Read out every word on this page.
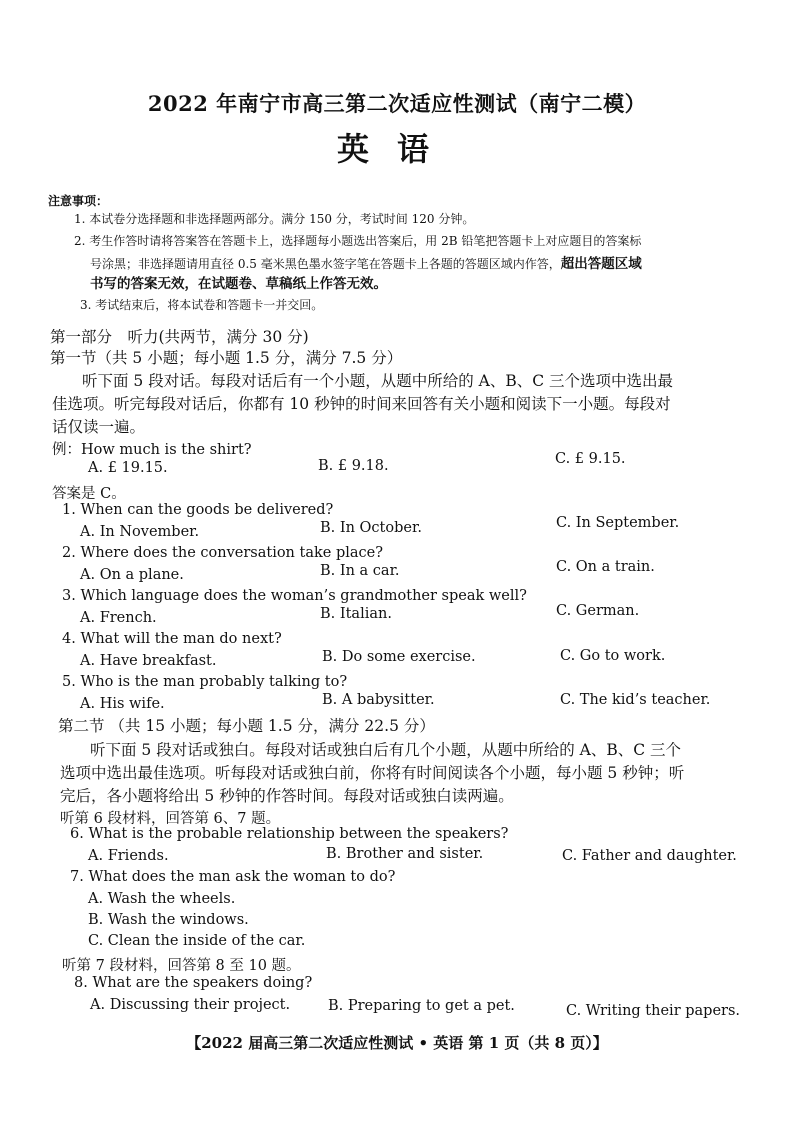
2022 年南宁市高三第二次适应性测试（南宁二模）
英语
注意事项：
1. 本试卷分选择题和非选择题两部分。满分 150 分，考试时间 120 分钟。
2. 考生作答时请将答案答在答题卡上，选择题每小题选出答案后，用 2B 铅笔把答题卡上对应题目的答案标
号涂黑；非选择题请用直径 0.5 毫米黑色墨水签字笔在答题卡上各题的答题区域内作答，超出答题区域
书写的答案无效，在试题卷、草稿纸上作答无效。
3. 考试结束后，将本试卷和答题卡一并交回。
第一部分　听力(共两节，满分 30 分)
第一节（共 5 小题；每小题 1.5 分，满分 7.5 分）
听下面 5 段对话。每段对话后有一个小题，从题中所给的 A、B、C 三个选项中选出最
佳选项。听完每段对话后，你都有 10 秒钟的时间来回答有关小题和阅读下一小题。每段对
话仅读一遍。
例：How much is the shirt?
A. £ 19.15.	B. £ 9.18.	C. £ 9.15.
答案是 C。
1. When can the goods be delivered?
A. In November.	B. In October.	C. In September.
2. Where does the conversation take place?
A. On a plane.	B. In a car.	C. On a train.
3. Which language does the woman’s grandmother speak well?
A. French.	B. Italian.	C. German.
4. What will the man do next?
A. Have breakfast.	B. Do some exercise.	C. Go to work.
5. Who is the man probably talking to?
A. His wife.	B. A babysitter.	C. The kid’s teacher.
第二节 （共 15 小题；每小题 1.5 分，满分 22.5 分）
听下面 5 段对话或独白。每段对话或独白后有几个小题，从题中所给的 A、B、C 三个
选项中选出最佳选项。听每段对话或独白前，你将有时间阅读各个小题，每小题 5 秒钟；听
完后，各小题将给出 5 秒钟的作答时间。每段对话或独白读两遍。
听第 6 段材料，回答第 6、7 题。
6. What is the probable relationship between the speakers?
A. Friends.	B. Brother and sister.	C. Father and daughter.
7. What does the man ask the woman to do?
A. Wash the wheels.
B. Wash the windows.
C. Clean the inside of the car.
听第 7 段材料，回答第 8 至 10 题。
8. What are the speakers doing?
A. Discussing their project.	B. Preparing to get a pet.	C. Writing their papers.
【2022 届高三第二次适应性测试 • 英语 第 1 页（共 8 页）】
